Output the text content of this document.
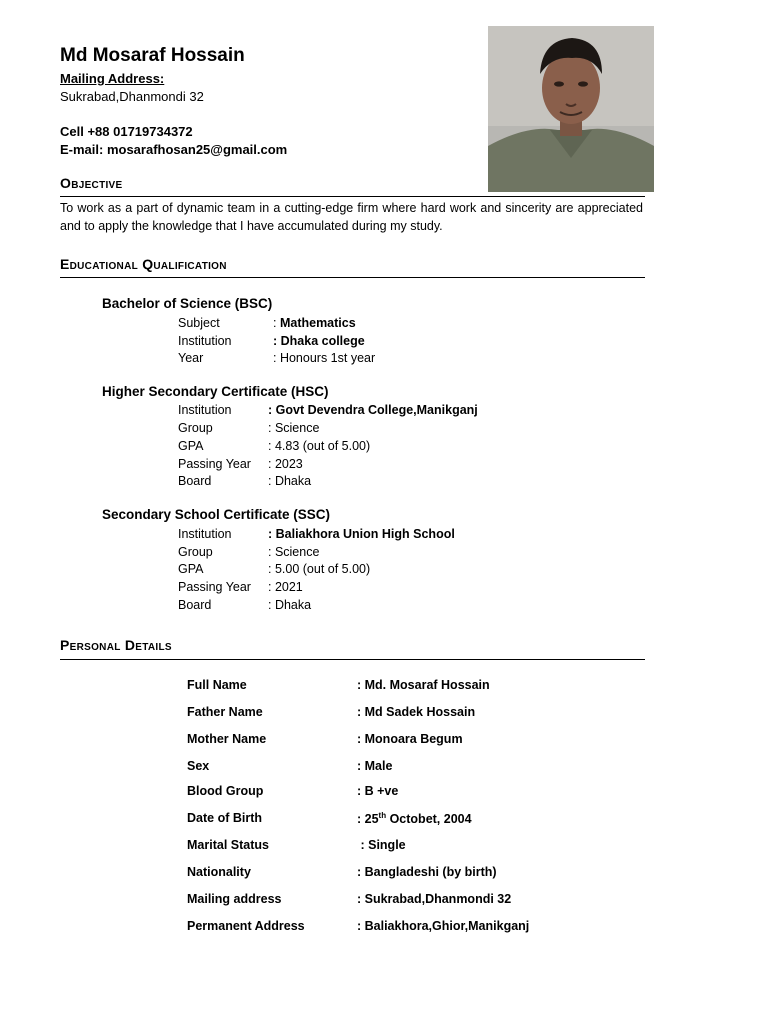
Md Mosaraf Hossain
Mailing Address:
Sukrabad,Dhanmondi 32
Cell +88 01719734372
E-mail: mosarafhosan25@gmail.com
Objective
To work as a part of dynamic team in a cutting-edge firm where hard work and sincerity are appreciated and to apply the knowledge that I have accumulated during my study.
Educational Qualification
Bachelor of Science (BSC)
Subject	: Mathematics
Institution	: Dhaka college
Year	: Honours 1st year
Higher Secondary Certificate (HSC)
Institution	: Govt Devendra College,Manikganj
Group	: Science
GPA	: 4.83 (out of 5.00)
Passing Year : 2023
Board	: Dhaka
Secondary School Certificate (SSC)
Institution	: Baliakhora Union High School
Group	: Science
GPA	: 5.00 (out of 5.00)
Passing Year : 2021
Board	: Dhaka
Personal Details
Full Name	: Md. Mosaraf Hossain
Father Name	: Md Sadek Hossain
Mother Name	: Monoara Begum
Sex	: Male
Blood Group	: B +ve
Date of Birth	: 25th Octobet, 2004
Marital Status	: Single
Nationality	: Bangladeshi (by birth)
Mailing address	: Sukrabad,Dhanmondi 32
Permanent Address	: Baliakhora,Ghior,Manikganj
